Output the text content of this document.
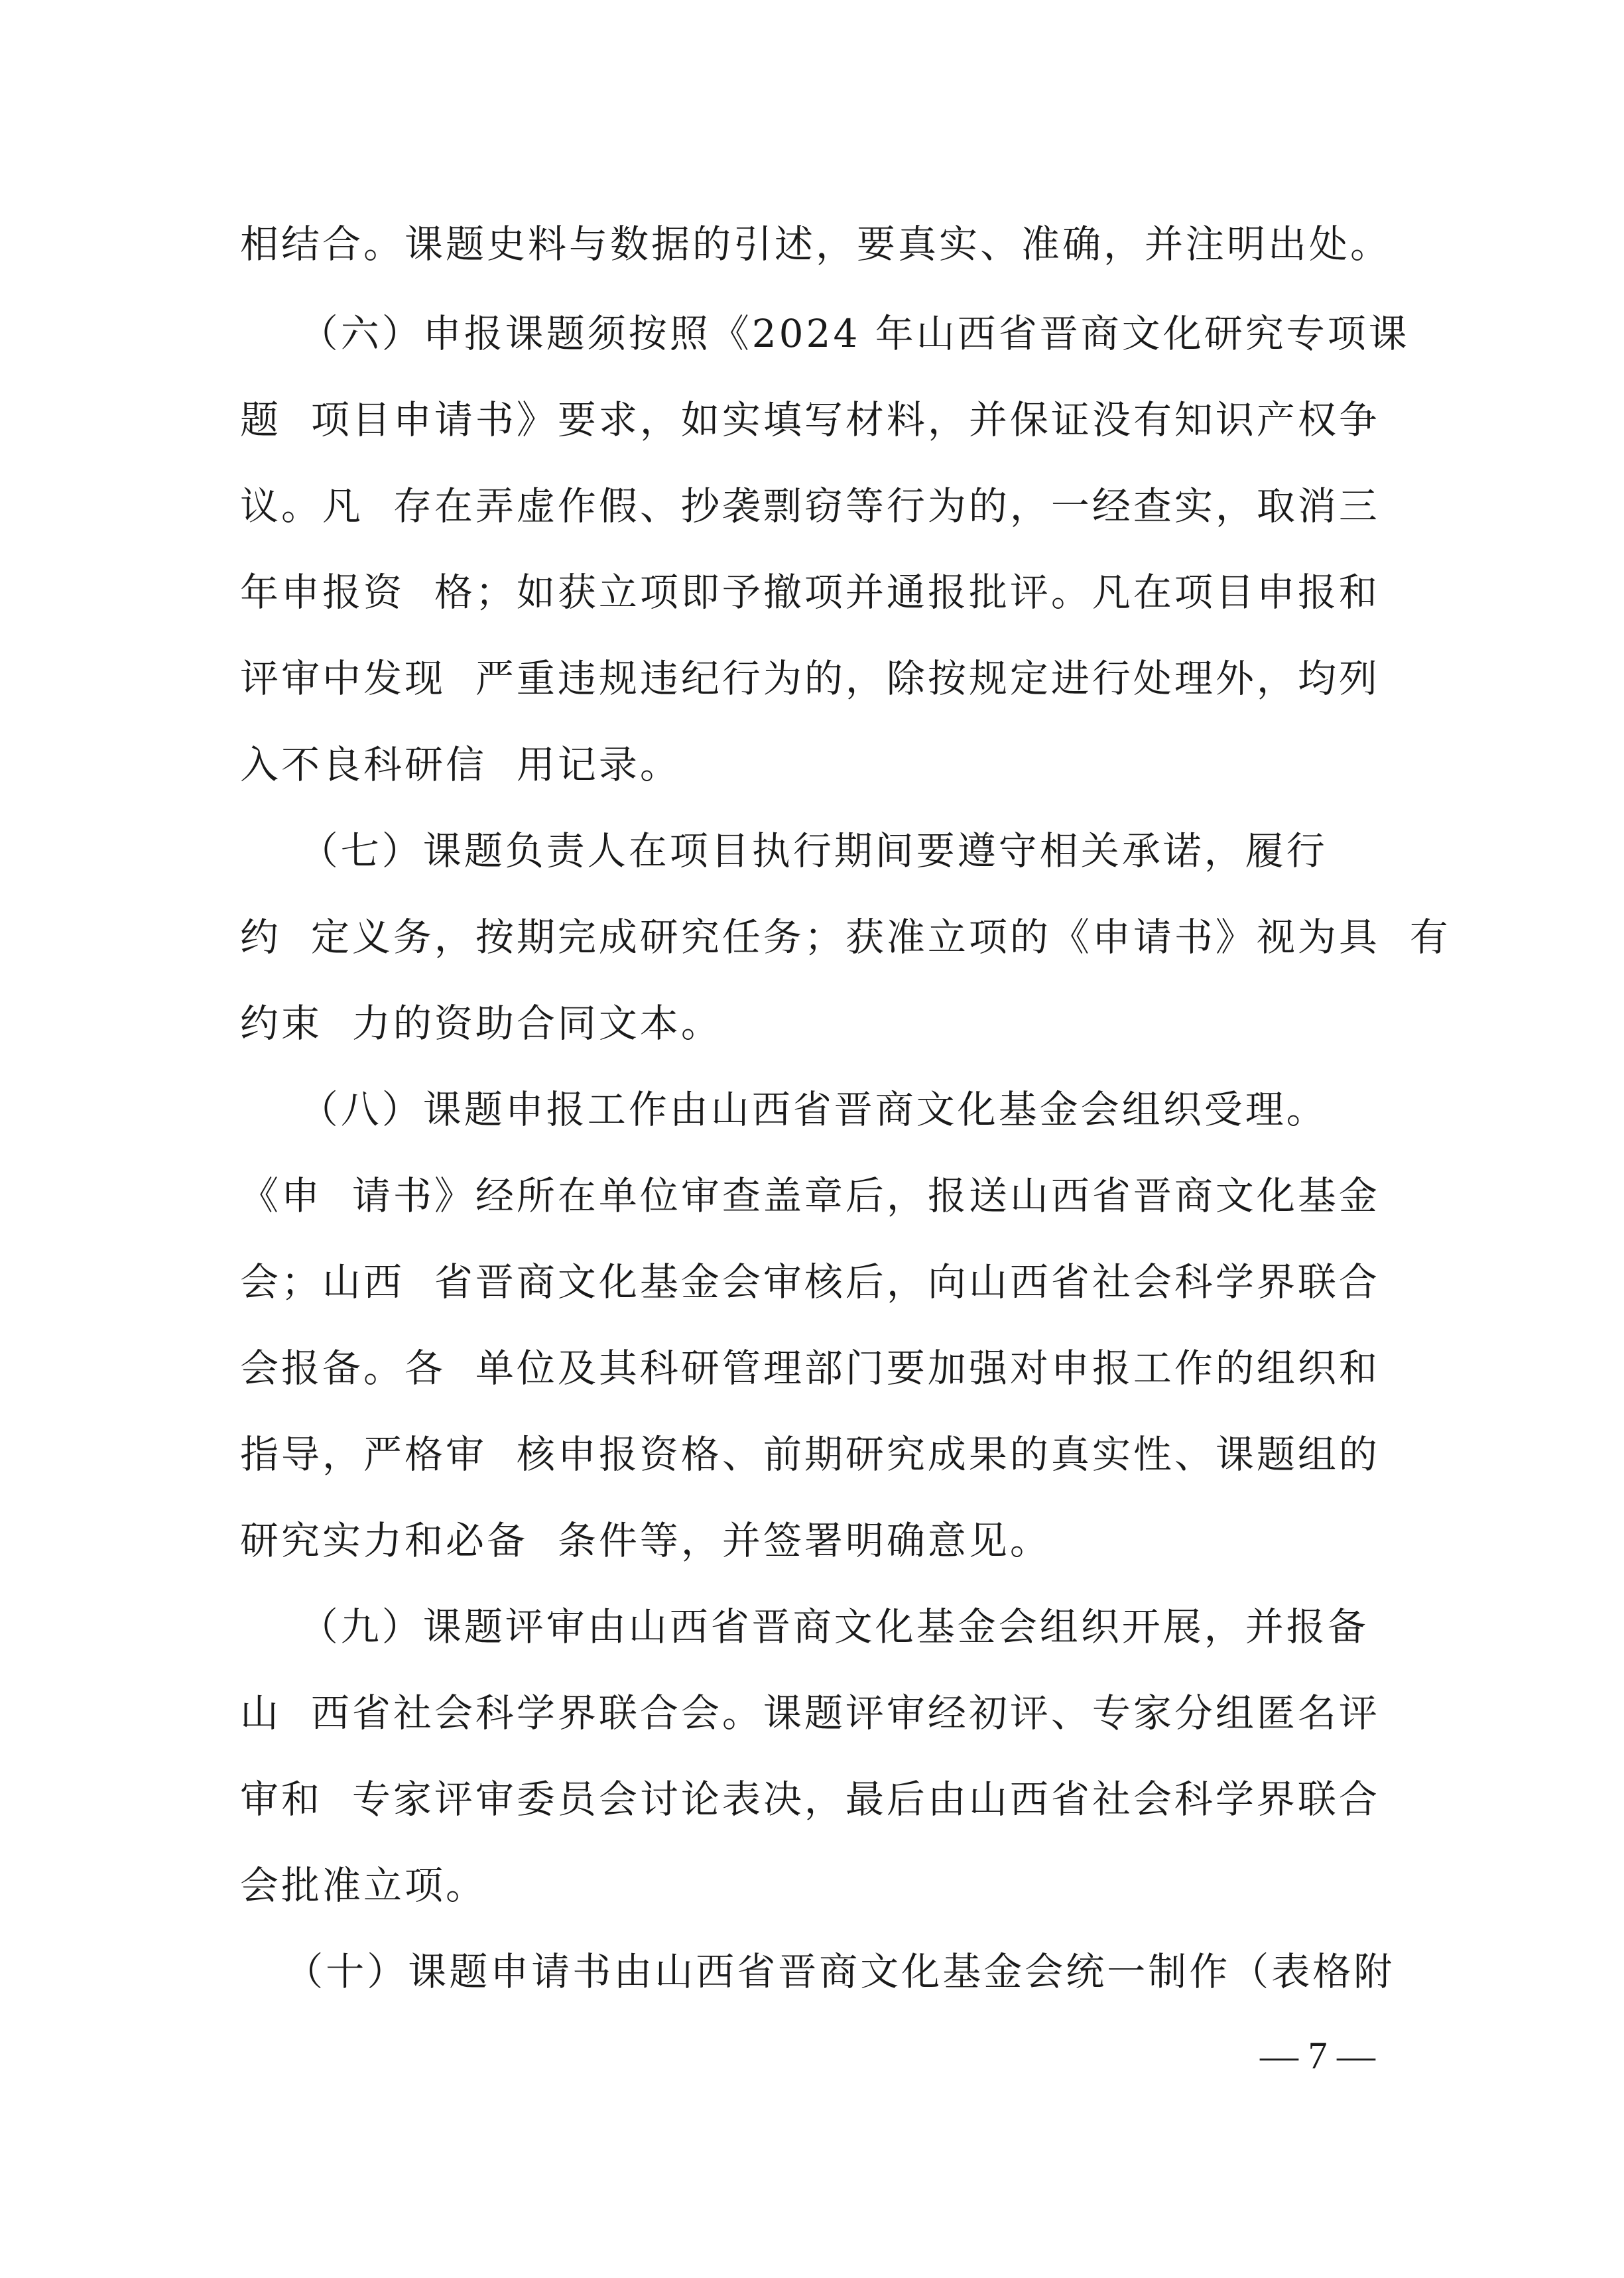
相结合。课题史料与数据的引述，要真实、准确，并注明出处。
（六）申报课题须按照《2024 年山西省晋商文化研究专项课
题  项目申请书》要求，如实填写材料，并保证没有知识产权争
议。凡  存在弄虚作假、抄袭剽窃等行为的，一经查实，取消三
年申报资  格；如获立项即予撤项并通报批评。凡在项目申报和
评审中发现  严重违规违纪行为的，除按规定进行处理外，均列
入不良科研信  用记录。
（七）课题负责人在项目执行期间要遵守相关承诺，履行
约  定义务，按期完成研究任务；获准立项的《申请书》视为具  有
约束  力的资助合同文本。
（八）课题申报工作由山西省晋商文化基金会组织受理。
《申  请书》经所在单位审查盖章后，报送山西省晋商文化基金
会；山西  省晋商文化基金会审核后，向山西省社会科学界联合
会报备。各  单位及其科研管理部门要加强对申报工作的组织和
指导，严格审  核申报资格、前期研究成果的真实性、课题组的
研究实力和必备  条件等，并签署明确意见。
（九）课题评审由山西省晋商文化基金会组织开展，并报备
山  西省社会科学界联合会。课题评审经初评、专家分组匿名评
审和  专家评审委员会讨论表决，最后由山西省社会科学界联合
会批准立项。
（十）课题申请书由山西省晋商文化基金会统一制作（表格附
— 7 —
